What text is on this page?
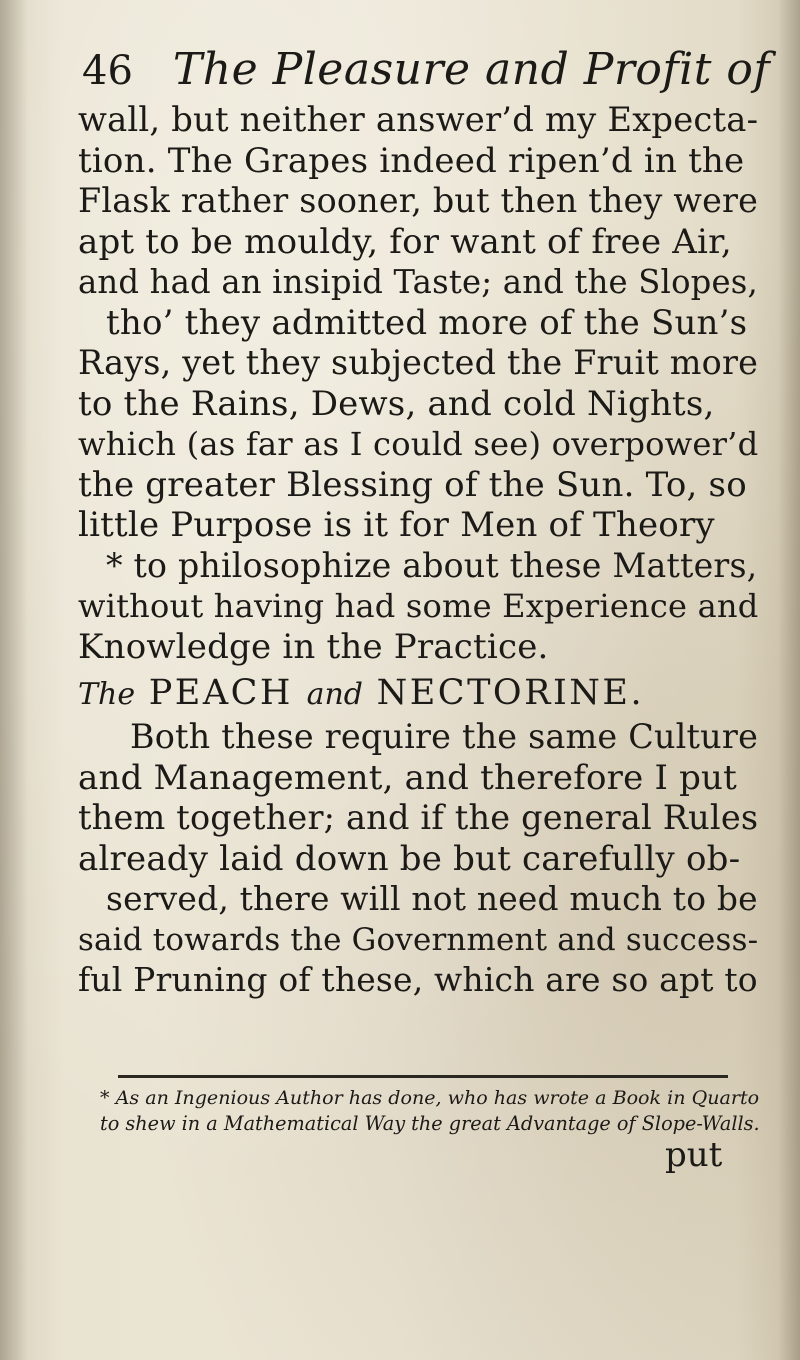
46 The Pleasure and Profit of
wall, but neither answer’d my Expecta-
tion. The Grapes indeed ripen’d in the
Flask rather sooner, but then they were
apt to be mouldy, for want of free Air,
and had an insipid Taste; and the Slopes,
tho’ they admitted more of the Sun’s
Rays, yet they subjected the Fruit more
to the Rains, Dews, and cold Nights,
which (as far as I could see) overpower’d
the greater Blessing of the Sun. To, so
little Purpose is it for Men of Theory
* to philosophize about these Matters,
without having had some Experience and
Knowledge in the Practice.
The PEACH and NECTORINE.
Both these require the same Culture
and Management, and therefore I put
them together; and if the general Rules
already laid down be but carefully ob-
served, there will not need much to be
said towards the Government and success-
ful Pruning of these, which are so apt to
* As an Ingenious Author has done, who has wrote a Book in Quarto
to shew in a Mathematical Way the great Advantage of Slope-Walls.
put
